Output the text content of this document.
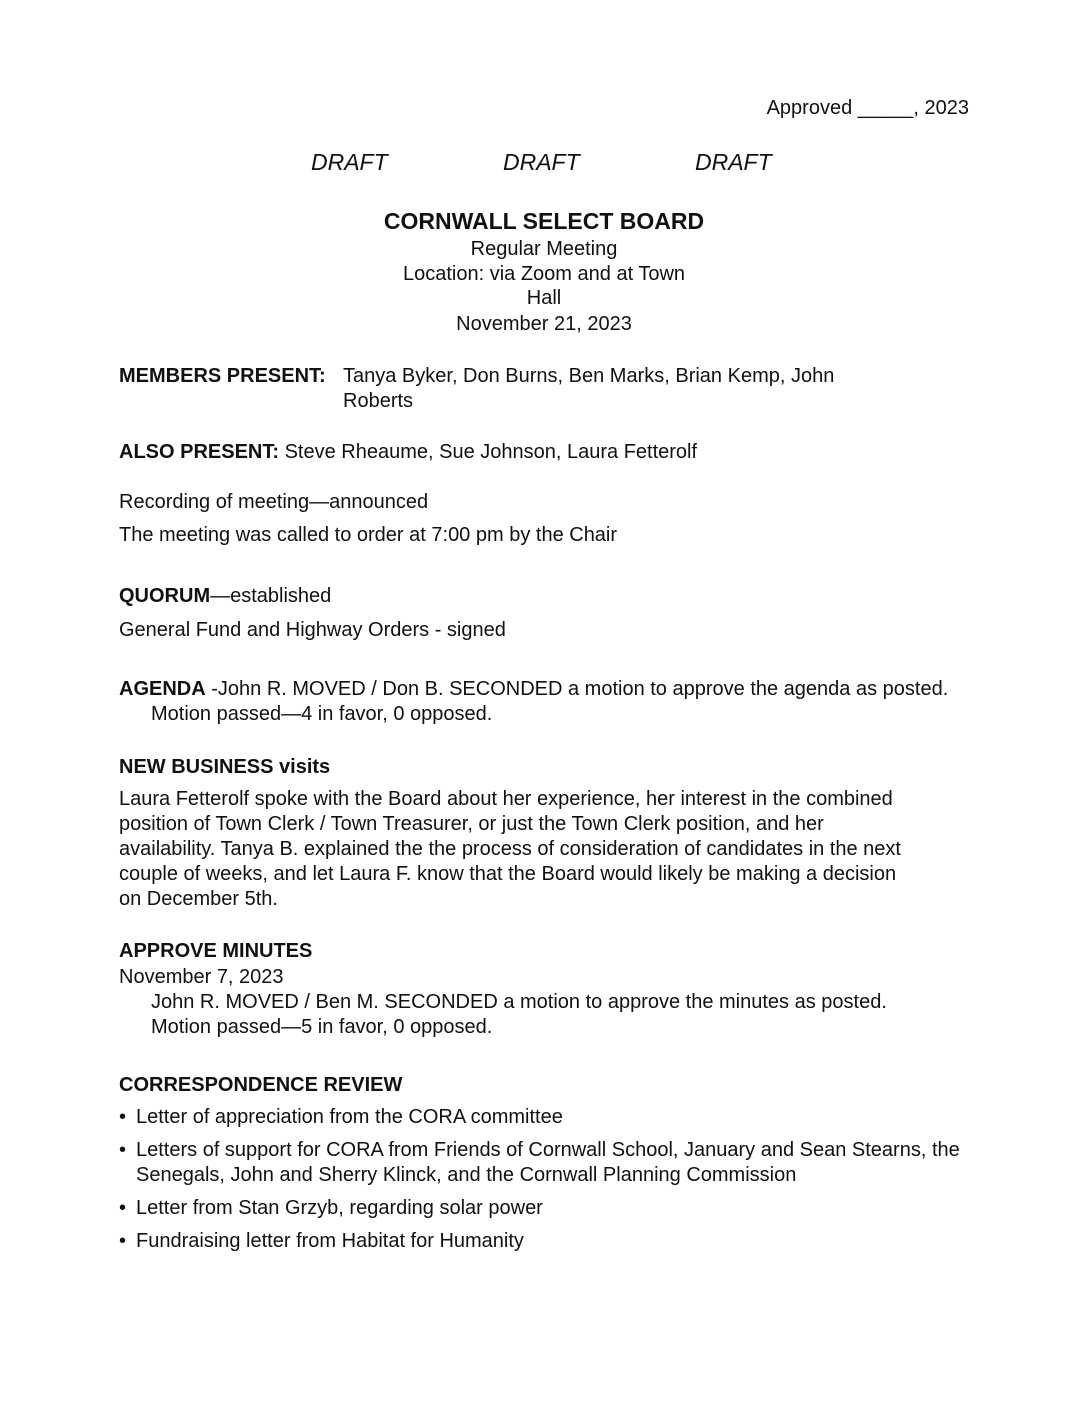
Approved _____, 2023
DRAFT	DRAFT	DRAFT
CORNWALL SELECT BOARD
Regular Meeting
Location: via Zoom and at Town
Hall
November 21, 2023
MEMBERS PRESENT: Tanya Byker, Don Burns, Ben Marks, Brian Kemp, John
Roberts
ALSO PRESENT: Steve Rheaume, Sue Johnson, Laura Fetterolf
Recording of meeting—announced
The meeting was called to order at 7:00 pm by the Chair
QUORUM—established
General Fund and Highway Orders - signed
AGENDA -John R. MOVED / Don B. SECONDED a motion to approve the agenda as posted. Motion passed—4 in favor, 0 opposed.
NEW BUSINESS visits
Laura Fetterolf spoke with the Board about her experience, her interest in the combined
position of Town Clerk / Town Treasurer, or just the Town Clerk position, and her
availability. Tanya B. explained the the process of consideration of candidates in the next
couple of weeks, and let Laura F. know that the Board would likely be making a decision
on December 5th.
APPROVE MINUTES
November 7, 2023
John R. MOVED / Ben M. SECONDED a motion to approve the minutes as posted.
Motion passed—5 in favor, 0 opposed.
CORRESPONDENCE REVIEW
• Letter of appreciation from the CORA committee
• Letters of support for CORA from Friends of Cornwall School, January and Sean Stearns, the Senegals, John and Sherry Klinck, and the Cornwall Planning Commission
• Letter from Stan Grzyb, regarding solar power
• Fundraising letter from Habitat for Humanity
